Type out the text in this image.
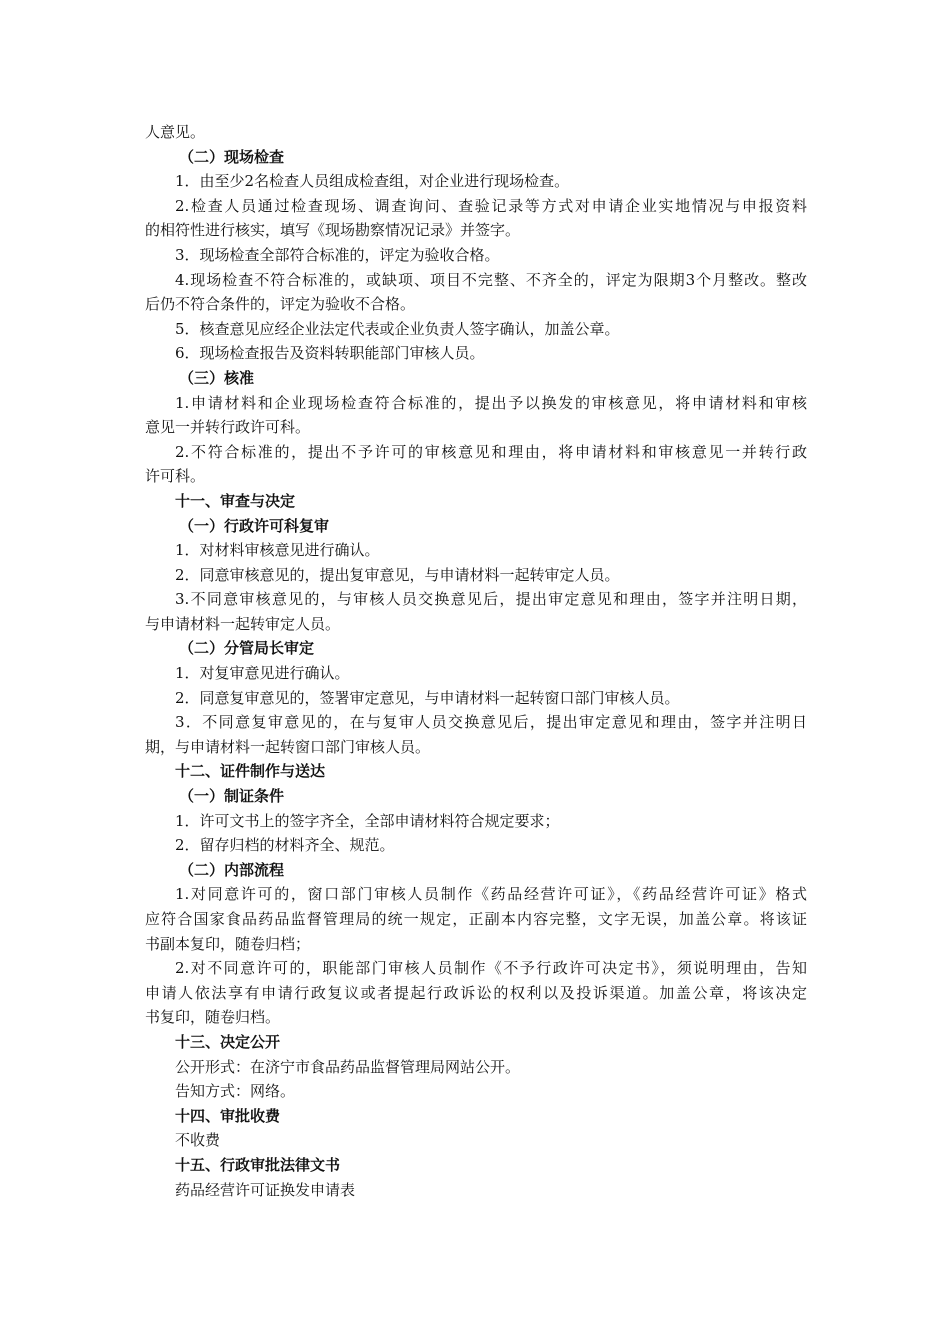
人意见。
（二）现场检查
1．由至少2名检查人员组成检查组，对企业进行现场检查。
2.检查人员通过检查现场、调查询问、查验记录等方式对申请企业实地情况与申报资料
的相符性进行核实，填写《现场勘察情况记录》并签字。
3．现场检查全部符合标准的，评定为验收合格。
4.现场检查不符合标准的，或缺项、项目不完整、不齐全的，评定为限期3个月整改。整改
后仍不符合条件的，评定为验收不合格。
5．核查意见应经企业法定代表或企业负责人签字确认，加盖公章。
6．现场检查报告及资料转职能部门审核人员。
（三）核准
1.申请材料和企业现场检查符合标准的，提出予以换发的审核意见，将申请材料和审核
意见一并转行政许可科。
2.不符合标准的，提出不予许可的审核意见和理由，将申请材料和审核意见一并转行政
许可科。
十一、审查与决定
（一）行政许可科复审
1．对材料审核意见进行确认。
2．同意审核意见的，提出复审意见，与申请材料一起转审定人员。
3.不同意审核意见的，与审核人员交换意见后，提出审定意见和理由，签字并注明日期，
与申请材料一起转审定人员。
（二）分管局长审定
1．对复审意见进行确认。
2．同意复审意见的，签署审定意见，与申请材料一起转窗口部门审核人员。
3．不同意复审意见的，在与复审人员交换意见后，提出审定意见和理由，签字并注明日
期，与申请材料一起转窗口部门审核人员。
十二、证件制作与送达
（一）制证条件
1．许可文书上的签字齐全，全部申请材料符合规定要求；
2．留存归档的材料齐全、规范。
（二）内部流程
1.对同意许可的，窗口部门审核人员制作《药品经营许可证》，《药品经营许可证》格式
应符合国家食品药品监督管理局的统一规定，正副本内容完整，文字无误，加盖公章。将该证
书副本复印，随卷归档；
2.对不同意许可的，职能部门审核人员制作《不予行政许可决定书》，须说明理由，告知
申请人依法享有申请行政复议或者提起行政诉讼的权利以及投诉渠道。加盖公章，将该决定
书复印，随卷归档。
十三、决定公开
公开形式：在济宁市食品药品监督管理局网站公开。
告知方式：网络。
十四、审批收费
不收费
十五、行政审批法律文书
药品经营许可证换发申请表
